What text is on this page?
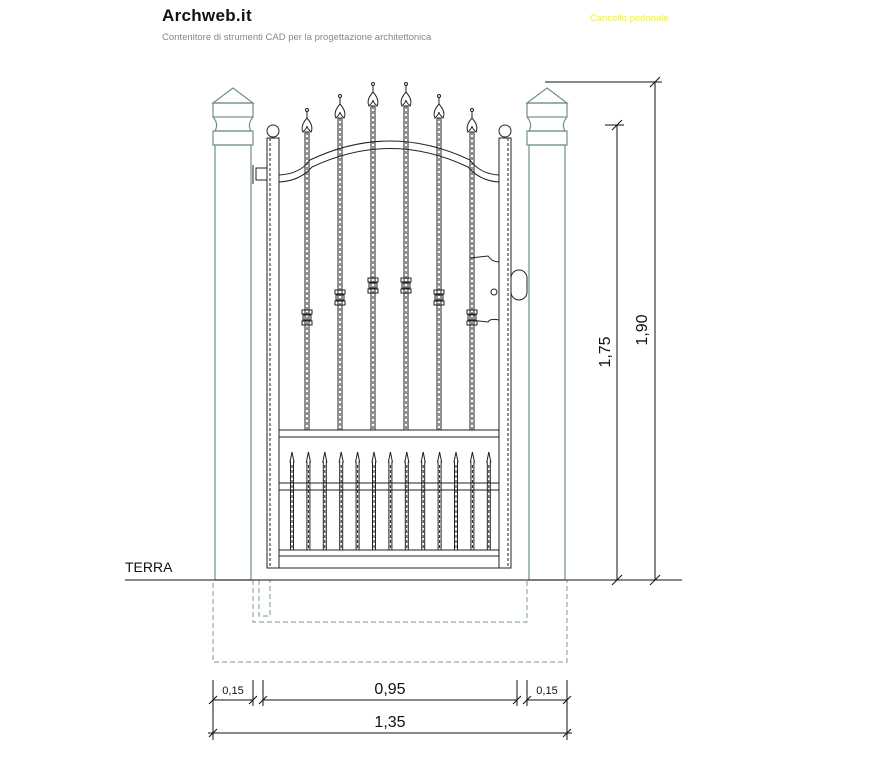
Archweb.it
Contenitore di strumenti CAD per la progettazione architettonica
Cancello pedonale
TERRA
1,90
1,75
0,15	0,95	0,15
1,35
